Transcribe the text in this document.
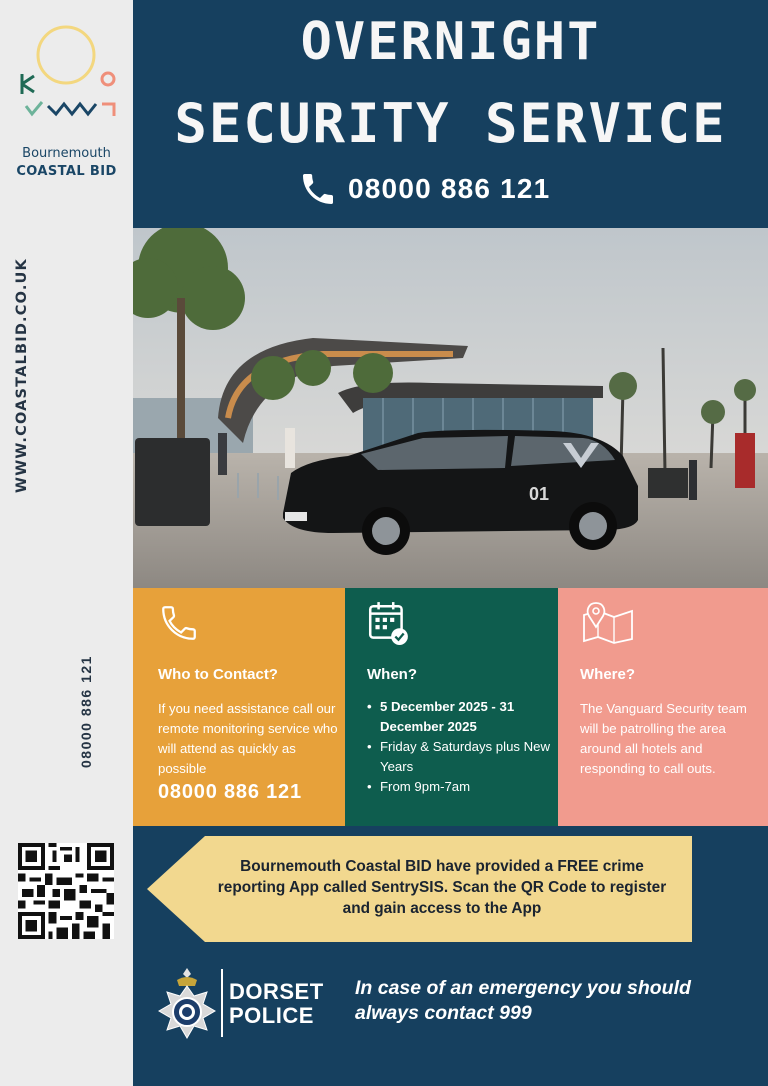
Bournemouth
COASTAL BID
WWW.COASTALBID.CO.UK
08000 886 121
OVERNIGHT
SECURITY SERVICE
08000 886 121
01
Who to Contact?

If you need assistance call our remote monitoring service who will attend as quickly as possible

08000 886 121
When?
• 5 December 2025 - 31 December 2025
• Friday & Saturdays plus New Years
• From 9pm-7am
Where?

The Vanguard Security team will be patrolling the area around all hotels and responding to call outs.

Bournemouth Coastal BID have provided a FREE crime reporting App called SentrySIS. Scan the QR Code to register and gain access to the App
DORSET
POLICE
In case of an emergency you should always contact 999
